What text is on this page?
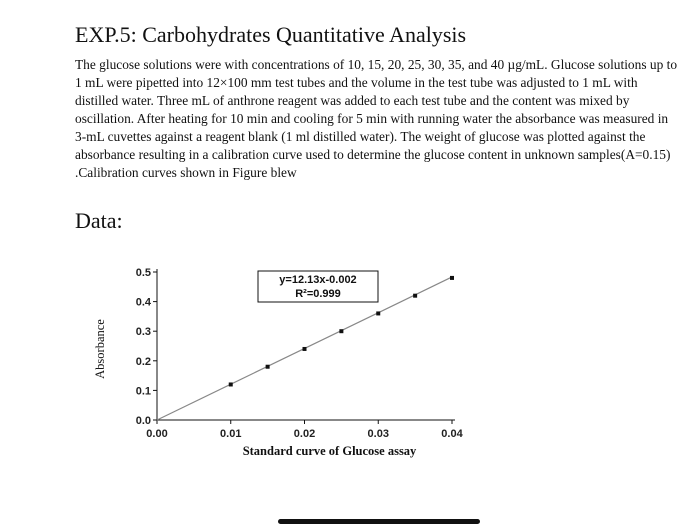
EXP.5: Carbohydrates Quantitative Analysis
The glucose solutions were with concentrations of 10, 15, 20, 25, 30, 35, and 40 µg/mL. Glucose solutions up to 1 mL were pipetted into 12×100 mm test tubes and the volume in the test tube was adjusted to 1 mL with distilled water. Three mL of anthrone reagent was added to each test tube and the content was mixed by oscillation. After heating for 10 min and cooling for 5 min with running water the absorbance was measured in 3-mL cuvettes against a reagent blank (1 ml distilled water). The weight of glucose was plotted against the absorbance resulting in a calibration curve used to determine the glucose content in unknown samples(A=0.15) .Calibration curves shown in Figure blew
Data:
0.0
0.1
0.2
0.3
0.4
0.5
0.00	0.01	0.02	0.03	0.04
y=12.13x-0.002
R²=0.999
Standard curve of Glucose assay
Absorbance
